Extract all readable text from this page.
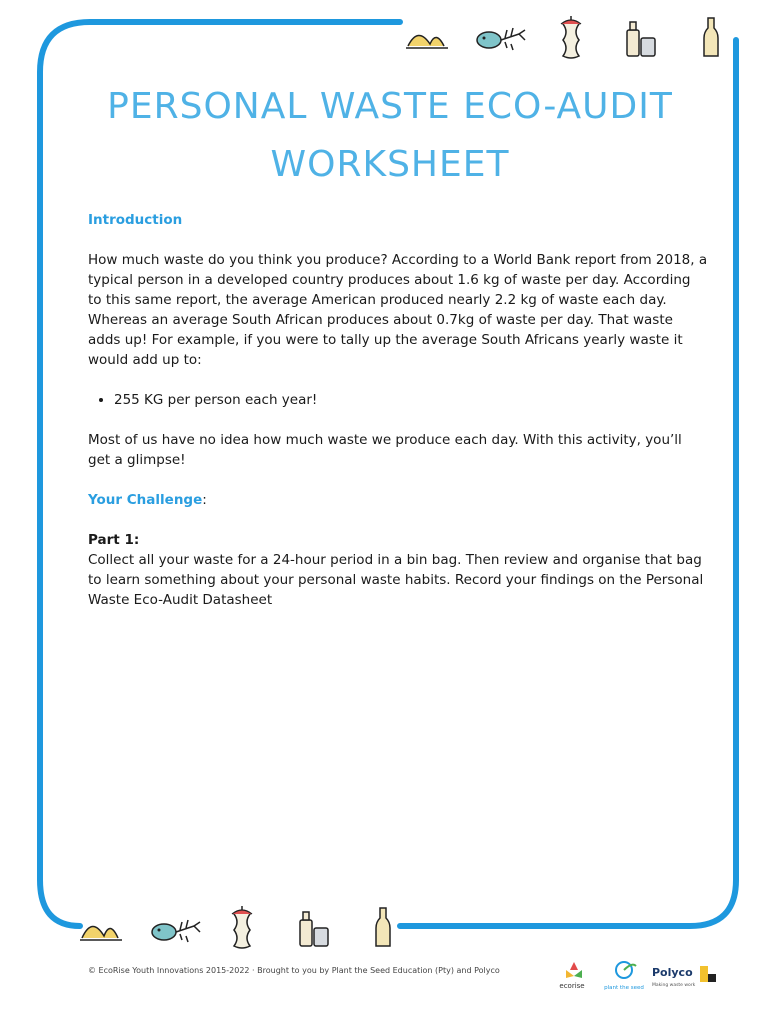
PERSONAL WASTE ECO-AUDIT
WORKSHEET

Introduction

How much waste do you think you produce? According to a World Bank report from 2018, a typical person in a developed country produces about 1.6 kg of waste per day. According to this same report, the average American produced nearly 2.2 kg of waste each day. Whereas an average South African produces about 0.7kg of waste per day. That waste adds up! For example, if you were to tally up the average South Africans yearly waste it would add up to:

• 255 KG per person each year!

Most of us have no idea how much waste we produce each day. With this activity, you’ll get a glimpse!

Your Challenge:

Part 1:

Collect all your waste for a 24-hour period in a bin bag. Then review and organise that bag to learn something about your personal waste habits. Record your findings on the Personal Waste Eco-Audit Datasheet

© EcoRise Youth Innovations 2015-2022 · Brought to you by Plant the Seed Education (Pty) and Polyco
ecorise	plant the seed
Polyco
Making waste work
